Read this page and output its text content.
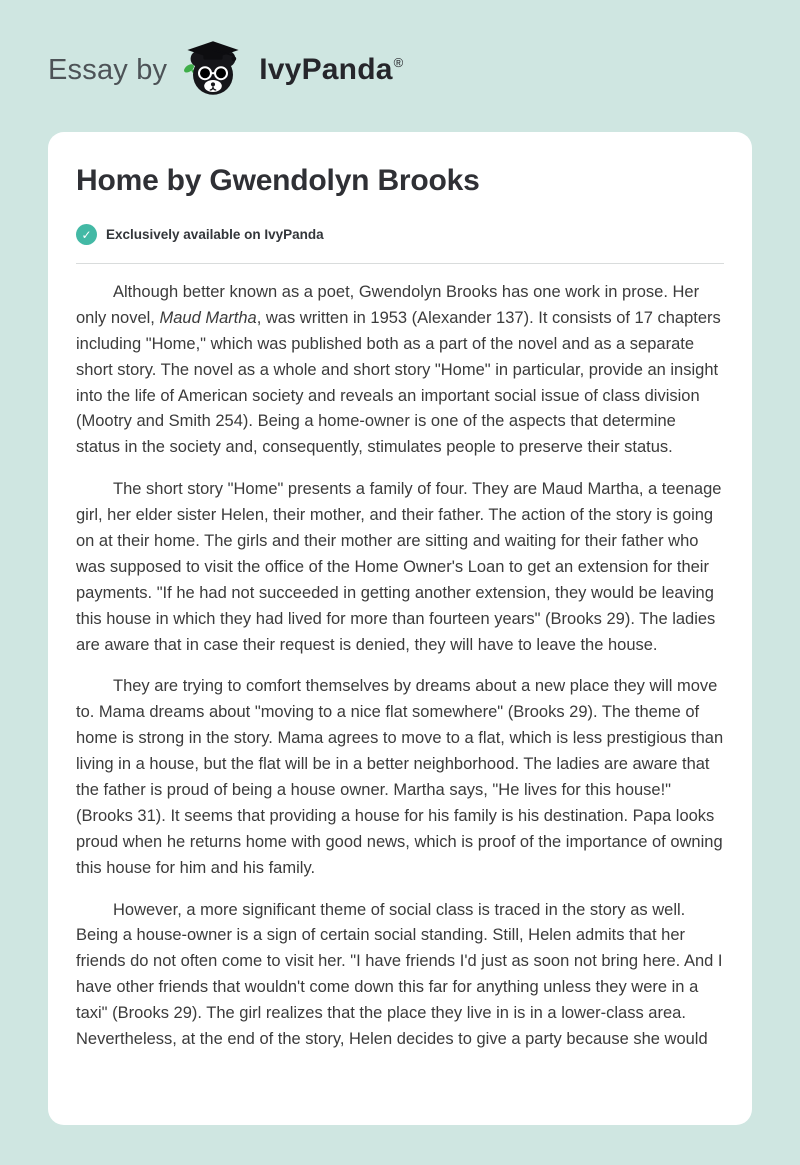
Essay by	IvyPanda®
Home by Gwendolyn Brooks
✓	Exclusively available on IvyPanda

Although better known as a poet, Gwendolyn Brooks has one work in prose. Her only novel, Maud Martha, was written in 1953 (Alexander 137). It consists of 17 chapters including "Home," which was published both as a part of the novel and as a separate short story. The novel as a whole and short story "Home" in particular, provide an insight into the life of American society and reveals an important social issue of class division (Mootry and Smith 254). Being a home-owner is one of the aspects that determine status in the society and, consequently, stimulates people to preserve their status.

The short story "Home" presents a family of four. They are Maud Martha, a teenage girl, her elder sister Helen, their mother, and their father. The action of the story is going on at their home. The girls and their mother are sitting and waiting for their father who was supposed to visit the office of the Home Owner's Loan to get an extension for their payments. "If he had not succeeded in getting another extension, they would be leaving this house in which they had lived for more than fourteen years" (Brooks 29). The ladies are aware that in case their request is denied, they will have to leave the house.

They are trying to comfort themselves by dreams about a new place they will move to. Mama dreams about "moving to a nice flat somewhere" (Brooks 29). The theme of home is strong in the story. Mama agrees to move to a flat, which is less prestigious than living in a house, but the flat will be in a better neighborhood. The ladies are aware that the father is proud of being a house owner. Martha says, "He lives for this house!" (Brooks 31). It seems that providing a house for his family is his destination. Papa looks proud when he returns home with good news, which is proof of the importance of owning this house for him and his family.

However, a more significant theme of social class is traced in the story as well. Being a house-owner is a sign of certain social standing. Still, Helen admits that her friends do not often come to visit her. "I have friends I'd just as soon not bring here. And I have other friends that wouldn't come down this far for anything unless they were in a taxi" (Brooks 29). The girl realizes that the place they live in is in a lower-class area. Nevertheless, at the end of the story, Helen decides to give a party because she would
